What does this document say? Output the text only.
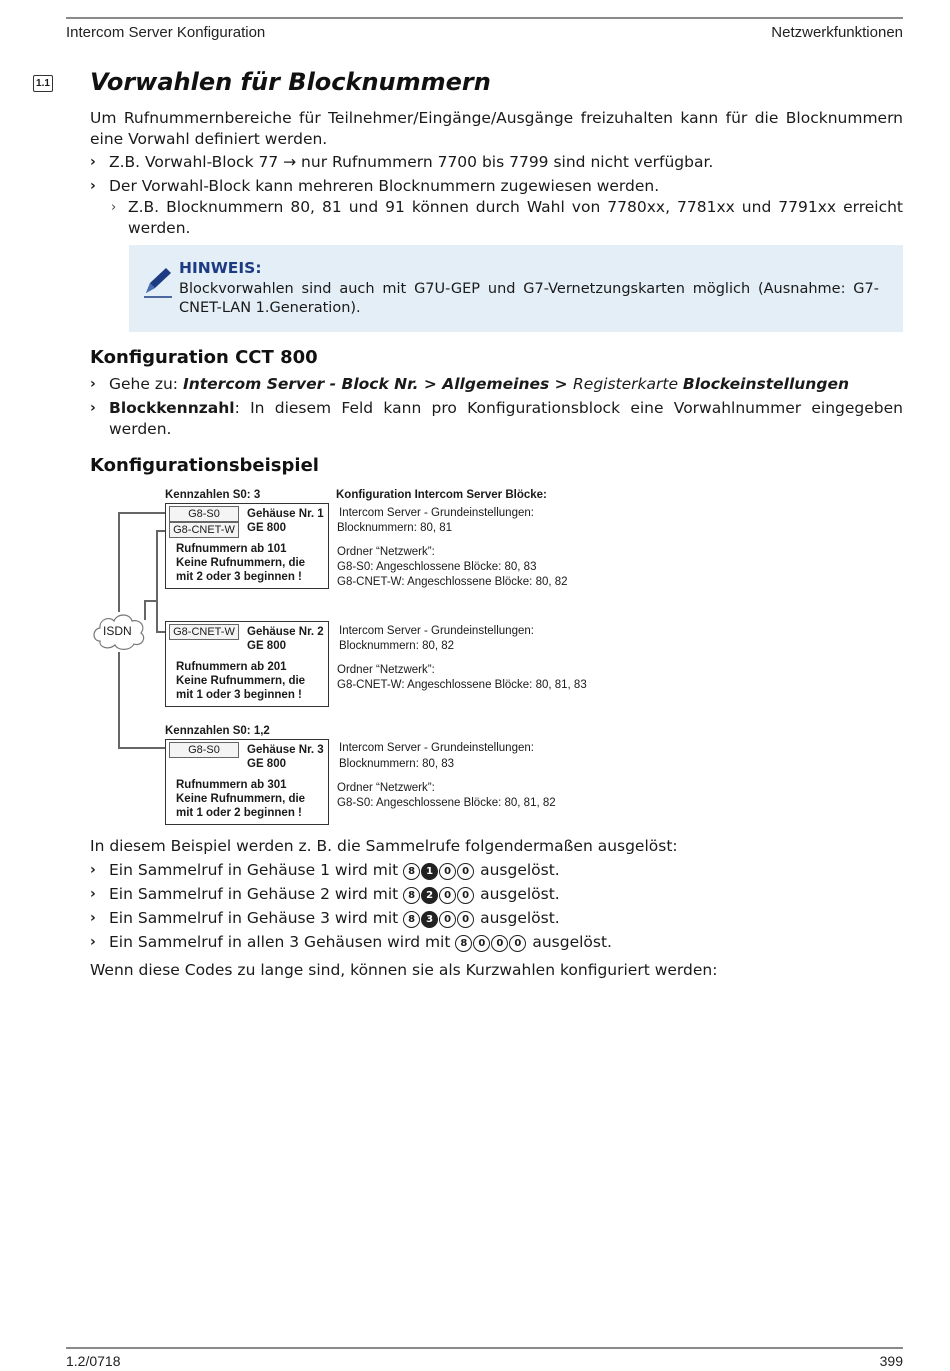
Intercom Server Konfiguration	Netzwerkfunktionen
1.1 Vorwahlen für Blocknummern
Um Rufnummernbereiche für Teilnehmer/Eingänge/Ausgänge freizuhalten kann für die Blocknummern eine Vorwahl definiert werden.
› Z.B. Vorwahl-Block 77 → nur Rufnummern 7700 bis 7799 sind nicht verfügbar.
› Der Vorwahl-Block kann mehreren Blocknummern zugewiesen werden.
› Z.B. Blocknummern 80, 81 und 91 können durch Wahl von 7780xx, 7781xx und 7791xx erreicht werden.
HINWEIS:
Blockvorwahlen sind auch mit G7U-GEP und G7-Vernetzungskarten möglich (Ausnahme: G7-CNET-LAN 1.Generation).
Konfiguration CCT 800
› Gehe zu: Intercom Server - Block Nr. > Allgemeines > Registerkarte Blockeinstellungen
› Blockkennzahl: In diesem Feld kann pro Konfigurationsblock eine Vorwahlnummer eingegeben werden.
Konfigurationsbeispiel
ISDN
Konfiguration Intercom Server Blöcke:
Kennzahlen S0: 3
G8-S0
G8-CNET-W
Gehäuse Nr. 1
GE 800
Rufnummern ab 101
Keine Rufnummern, die
mit 2 oder 3 beginnen !
Intercom Server - Grundeinstellungen:
Blocknummern: 80, 81
Ordner “Netzwerk”:
G8-S0: Angeschlossene Blöcke: 80, 83
G8-CNET-W: Angeschlossene Blöcke: 80, 82
G8-CNET-W	Gehäuse Nr. 2
GE 800
Rufnummern ab 201
Keine Rufnummern, die
mit 1 oder 3 beginnen !
Intercom Server - Grundeinstellungen:
Blocknummern: 80, 82
Ordner “Netzwerk”:
G8-CNET-W: Angeschlossene Blöcke: 80, 81, 83
Kennzahlen S0: 1,2
G8-S0	Gehäuse Nr. 3
GE 800
Rufnummern ab 301
Keine Rufnummern, die
mit 1 oder 2 beginnen !
Intercom Server - Grundeinstellungen:
Blocknummern: 80, 83
Ordner “Netzwerk”:
G8-S0: Angeschlossene Blöcke: 80, 81, 82
In diesem Beispiel werden z. B. die Sammelrufe folgendermaßen ausgelöst:
› Ein Sammelruf in Gehäuse 1 wird mit 8 1 0 0 ausgelöst.
› Ein Sammelruf in Gehäuse 2 wird mit 8 2 0 0 ausgelöst.
› Ein Sammelruf in Gehäuse 3 wird mit 8 3 0 0 ausgelöst.
› Ein Sammelruf in allen 3 Gehäusen wird mit 8 0 0 0 ausgelöst.
Wenn diese Codes zu lange sind, können sie als Kurzwahlen konfiguriert werden:
1.2/0718	399
